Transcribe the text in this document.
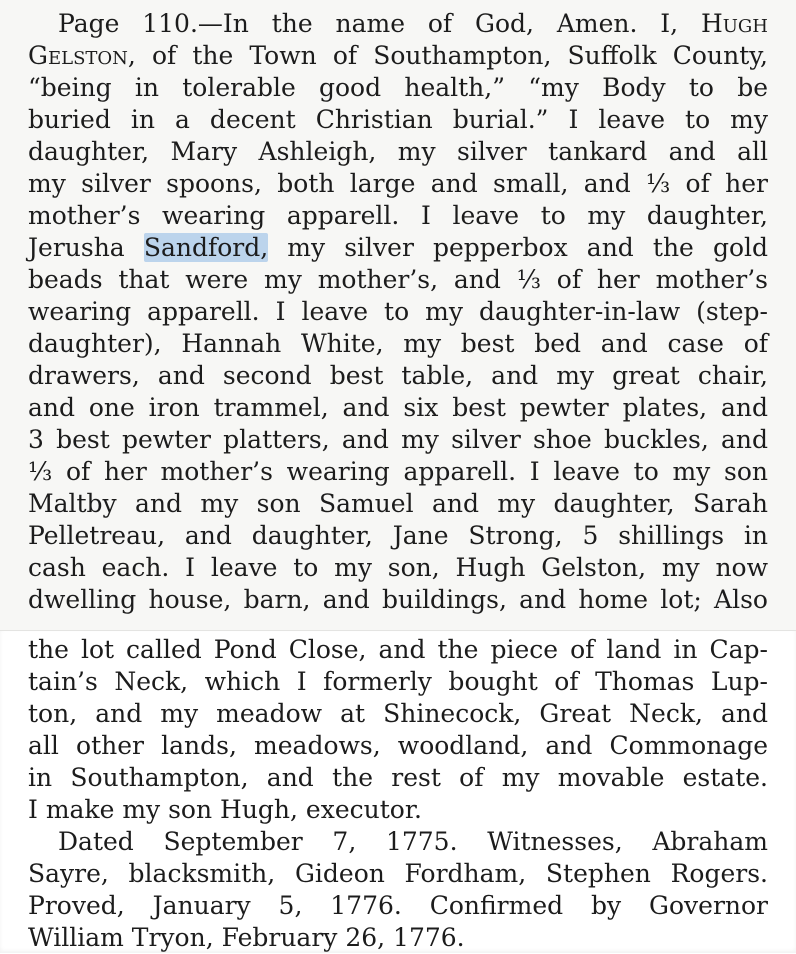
Page 110.—In the name of God, Amen. I, Hugh
Gelston, of the Town of Southampton, Suffolk County,
“being in tolerable good health,” “my Body to be
buried in a decent Christian burial.” I leave to my
daughter, Mary Ashleigh, my silver tankard and all
my silver spoons, both large and small, and ⅓ of her
mother’s wearing apparell. I leave to my daughter,
Jerusha Sandford, my silver pepperbox and the gold
beads that were my mother’s, and ⅓ of her mother’s
wearing apparell. I leave to my daughter-in-law (step-
daughter), Hannah White, my best bed and case of
drawers, and second best table, and my great chair,
and one iron trammel, and six best pewter plates, and
3 best pewter platters, and my silver shoe buckles, and
⅓ of her mother’s wearing apparell. I leave to my son
Maltby and my son Samuel and my daughter, Sarah
Pelletreau, and daughter, Jane Strong, 5 shillings in
cash each. I leave to my son, Hugh Gelston, my now
dwelling house, barn, and buildings, and home lot; Also
the lot called Pond Close, and the piece of land in Cap-
tain’s Neck, which I formerly bought of Thomas Lup-
ton, and my meadow at Shinecock, Great Neck, and
all other lands, meadows, woodland, and Commonage
in Southampton, and the rest of my movable estate.
I make my son Hugh, executor.
Dated September 7, 1775. Witnesses, Abraham
Sayre, blacksmith, Gideon Fordham, Stephen Rogers.
Proved, January 5, 1776. Confirmed by Governor
William Tryon, February 26, 1776.
